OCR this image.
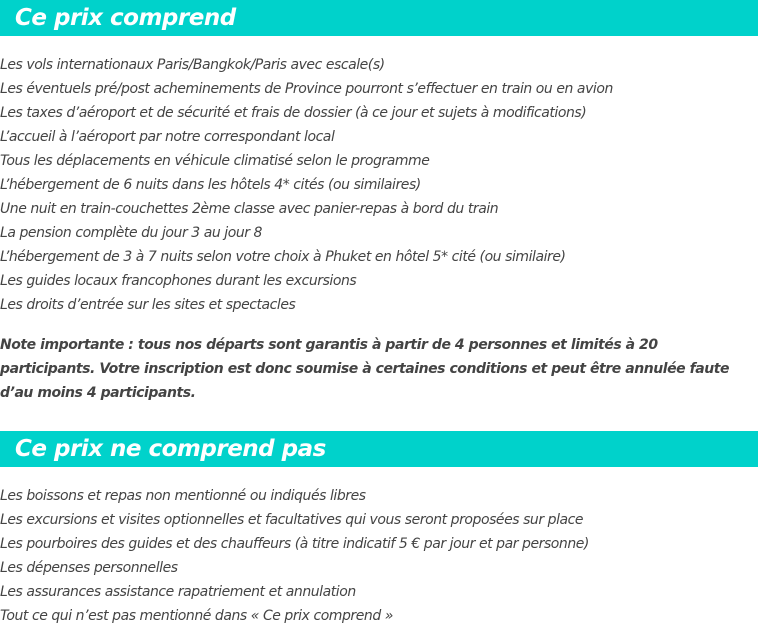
Ce prix comprend
Les vols internationaux Paris/Bangkok/Paris avec escale(s)
Les éventuels pré/post acheminements de Province pourront s’effectuer en train ou en avion
Les taxes d’aéroport et de sécurité et frais de dossier (à ce jour et sujets à modifications)
L’accueil à l’aéroport par notre correspondant local
Tous les déplacements en véhicule climatisé selon le programme
L’hébergement de 6 nuits dans les hôtels 4* cités (ou similaires)
Une nuit en train-couchettes 2ème classe avec panier-repas à bord du train
La pension complète du jour 3 au jour 8
L’hébergement de 3 à 7 nuits selon votre choix à Phuket en hôtel 5* cité (ou similaire)
Les guides locaux francophones durant les excursions
Les droits d’entrée sur les sites et spectacles
Note importante : tous nos départs sont garantis à partir de 4 personnes et limités à 20 participants. Votre inscription est donc soumise à certaines conditions et peut être annulée faute d’au moins 4 participants.
Ce prix ne comprend pas
Les boissons et repas non mentionné ou indiqués libres
Les excursions et visites optionnelles et facultatives qui vous seront proposées sur place
Les pourboires des guides et des chauffeurs (à titre indicatif 5 € par jour et par personne)
Les dépenses personnelles
Les assurances assistance rapatriement et annulation
Tout ce qui n’est pas mentionné dans « Ce prix comprend »
